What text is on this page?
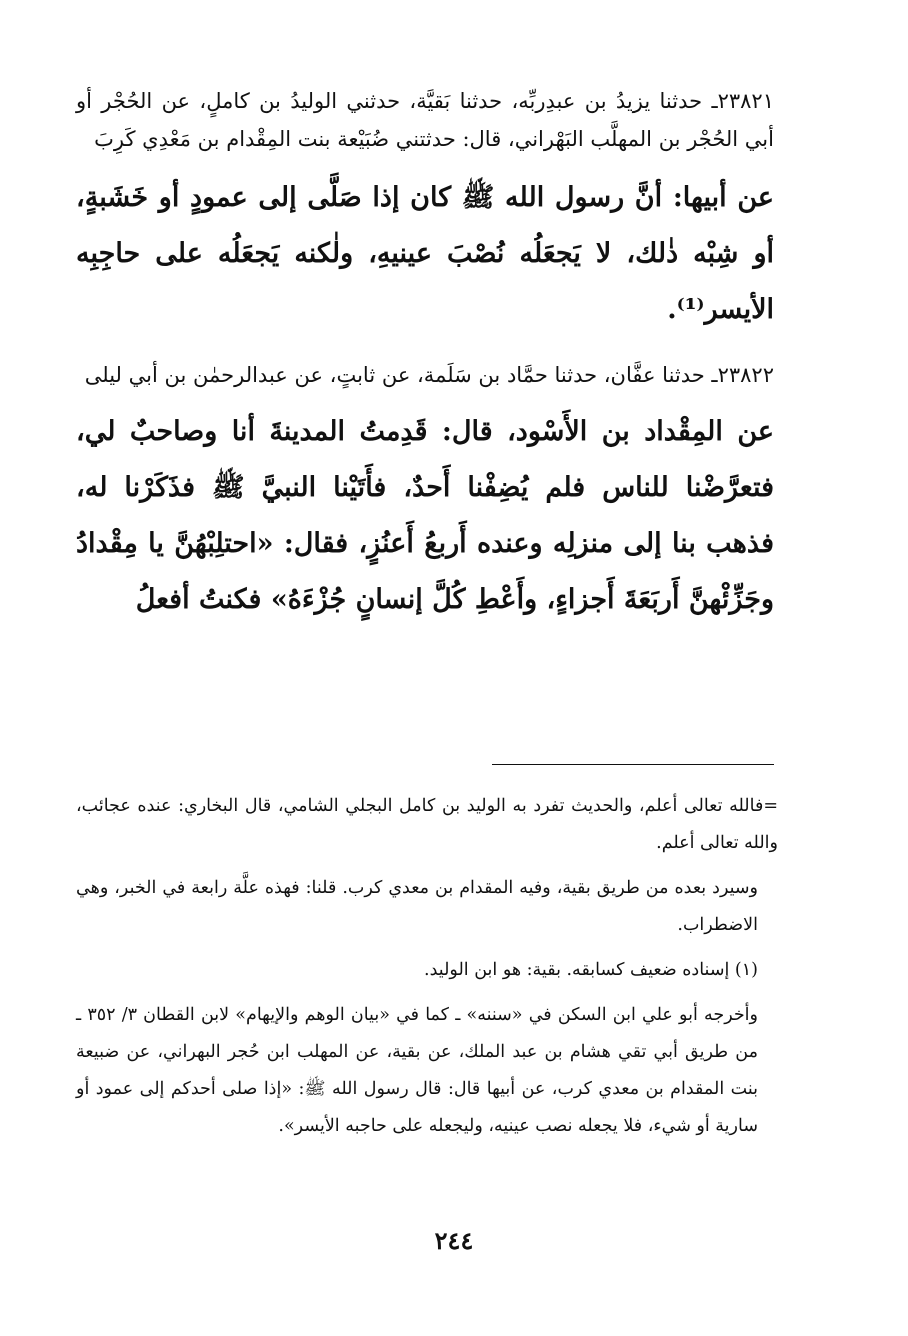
٢٣٨٢١ـ حدثنا يزيدُ بن عبدِربِّه، حدثنا بَقيَّة، حدثني الوليدُ بن كاملٍ، عن الحُجْر أو أبي الحُجْر بن المهلَّب البَهْراني، قال: حدثتني ضُبَيْعة بنت المِقْدام بن مَعْدِي كَرِبَ

عن أبيها: أنَّ رسول الله ﷺ كان إذا صَلَّى إلى عمودٍ أو خَشَبةٍ، أو شِبْه ذٰلك، لا يَجعَلُه نُصْبَ عينيهِ، ولٰكنه يَجعَلُه على حاجِبِه الأيسر⁽¹⁾.

٢٣٨٢٢ـ حدثنا عفَّان، حدثنا حمَّاد بن سَلَمة، عن ثابتٍ، عن عبدالرحمٰن بن أبي ليلى

عن المِقْداد بن الأَسْود، قال: قَدِمتُ المدينةَ أنا وصاحبٌ لي، فتعرَّضْنا للناس فلم يُضِفْنا أَحدٌ، فأَتَيْنا النبيَّ ﷺ فذَكَرْنا له، فذهب بنا إلى منزلِه وعنده أَربعُ أَعنُزٍ، فقال: «احتلِبْهُنَّ يا مِقْدادُ وجَزِّئْهنَّ أَربَعَةَ أَجزاءٍ، وأَعْطِ كُلَّ إنسانٍ جُزْءَهُ» فكنتُ أفعلُ

=فالله تعالى أعلم، والحديث تفرد به الوليد بن كامل البجلي الشامي، قال البخاري: عنده عجائب، والله تعالى أعلم.

وسيرد بعده من طريق بقية، وفيه المقدام بن معدي كرب. قلنا: فهذه علَّة رابعة في الخبر، وهي الاضطراب.

(١) إسناده ضعيف كسابقه. بقية: هو ابن الوليد.

وأخرجه أبو علي ابن السكن في «سننه» ـ كما في «بيان الوهم والإيهام» لابن القطان ٣/ ٣٥٢ ـ من طريق أبي تقي هشام بن عبد الملك، عن بقية، عن المهلب ابن حُجر البهراني، عن ضبيعة بنت المقدام بن معدي كرب، عن أبيها قال: قال رسول الله ﷺ: «إذا صلى أحدكم إلى عمود أو سارية أو شيء، فلا يجعله نصب عينيه، وليجعله على حاجبه الأيسر».

٢٤٤
